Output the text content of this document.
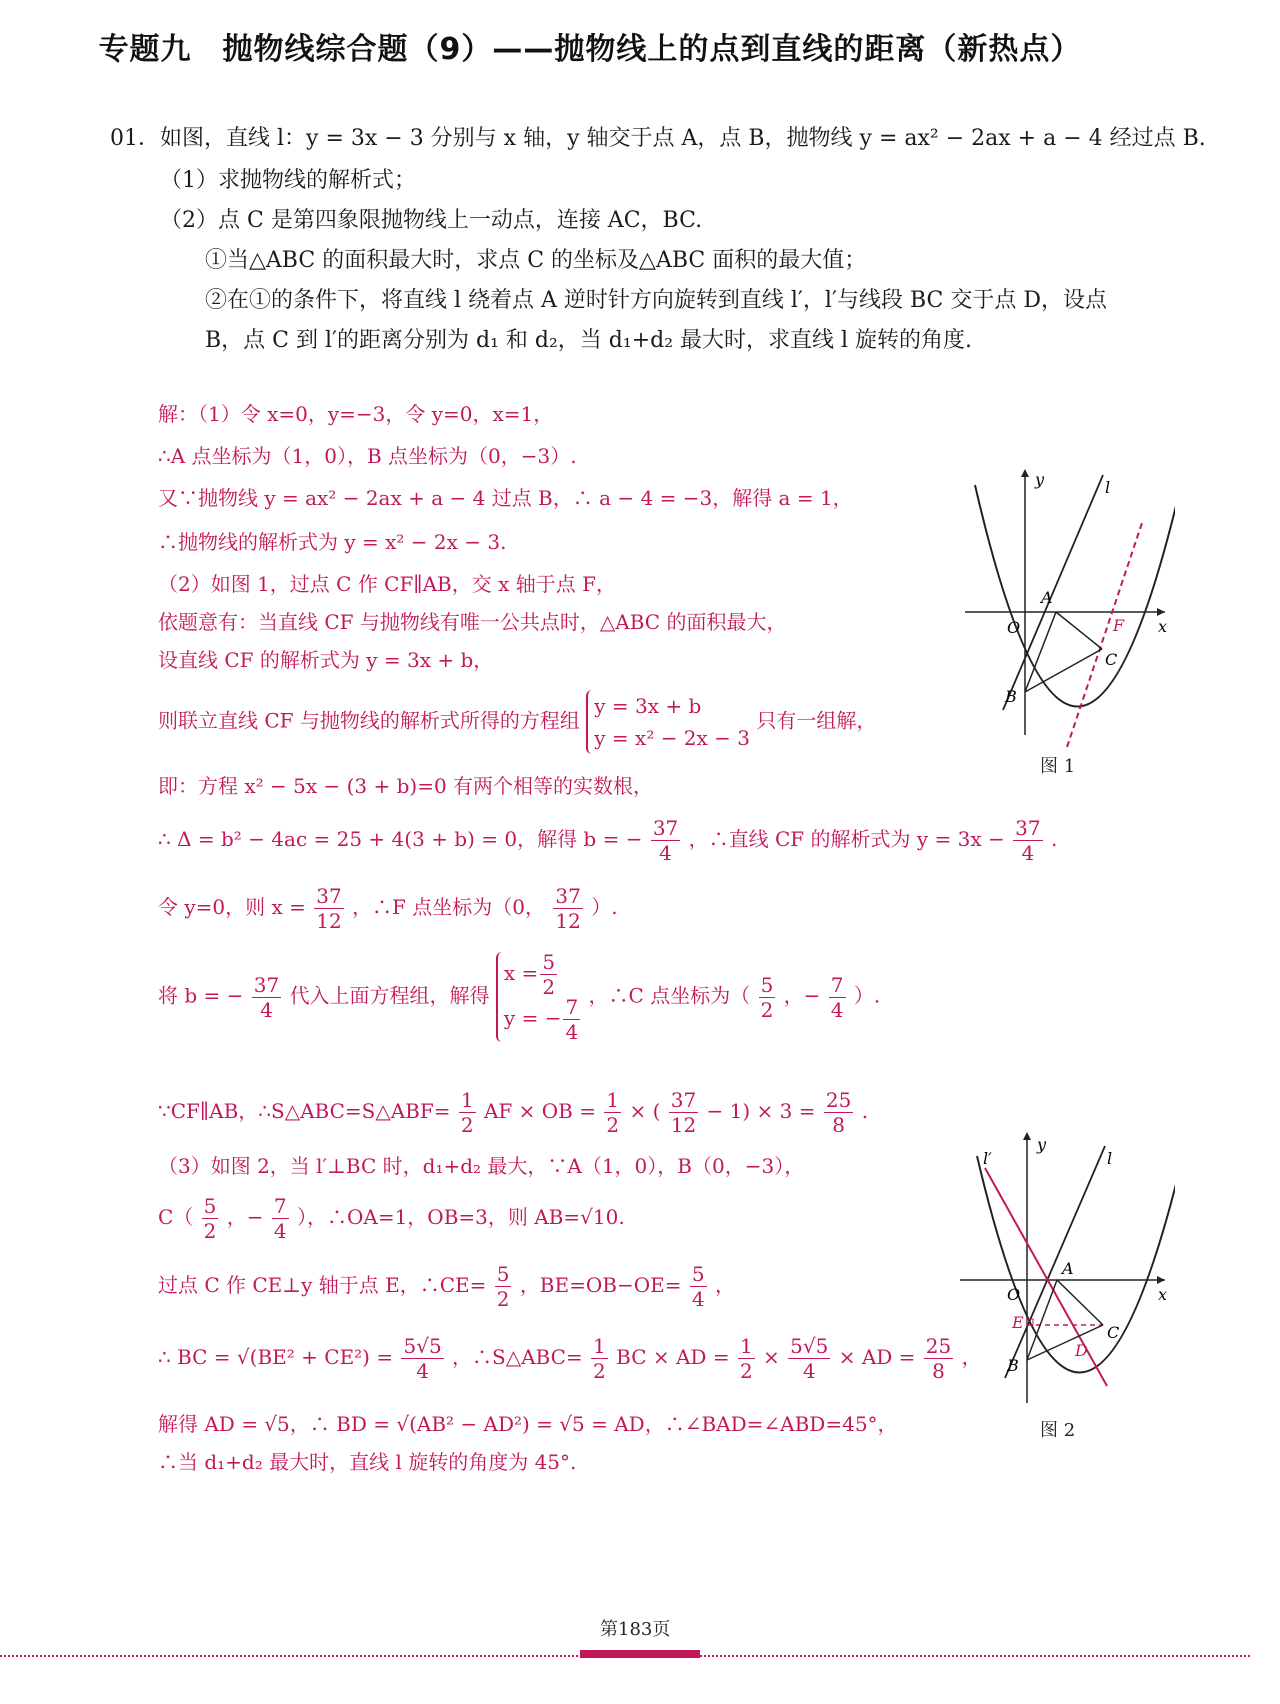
专题九　抛物线综合题（9）——抛物线上的点到直线的距离（新热点）
01．如图，直线 l：y = 3x − 3 分别与 x 轴，y 轴交于点 A，点 B，抛物线 y = ax² − 2ax + a − 4 经过点 B.
（1）求抛物线的解析式；
（2）点 C 是第四象限抛物线上一动点，连接 AC，BC.
①当△ABC 的面积最大时，求点 C 的坐标及△ABC 面积的最大值；
②在①的条件下，将直线 l 绕着点 A 逆时针方向旋转到直线 l′，l′与线段 BC 交于点 D，设点
B，点 C 到 l′的距离分别为 d₁ 和 d₂，当 d₁+d₂ 最大时，求直线 l 旋转的角度.
解：（1）令 x=0，y=−3，令 y=0，x=1，
∴A 点坐标为（1，0），B 点坐标为（0，−3）.
又∵抛物线 y = ax² − 2ax + a − 4 过点 B，∴ a − 4 = −3，解得 a = 1，
∴抛物线的解析式为 y = x² − 2x − 3.
（2）如图 1，过点 C 作 CF∥AB，交 x 轴于点 F，
依题意有：当直线 CF 与抛物线有唯一公共点时，△ABC 的面积最大，
设直线 CF 的解析式为 y = 3x + b，
则联立直线 CF 与抛物线的解析式所得的方程组
y = 3x + b
y = x² − 2x − 3
只有一组解，
即：方程 x² − 5x − (3 + b)=0 有两个相等的实数根，
∴ Δ = b² − 4ac = 25 + 4(3 + b) = 0，解得 b = − $\frac{37}{4}$ ，∴直线 CF 的解析式为 $y = 3x - \frac{37}{4}$ .
令 y=0，则 $x = \frac{37}{12}$ ，∴F 点坐标为（0， $\frac{37}{12}$ ）.
将 b = − $\frac{37}{4}$ 代入上面方程组，解得
$x = \frac{5}{2}$
y = − $\frac{7}{4}$
，∴C 点坐标为（ $\frac{5}{2}$ ，− $\frac{7}{4}$ ）.
∵CF∥AB，∴S△ABC=S△ABF= $\frac{1}{2}$ AF × OB = $\frac{1}{2}$ × ( $\frac{37}{12} - 1) \times 3 = \frac{25}{8}$ .
（3）如图 2，当 l′⊥BC 时，d₁+d₂ 最大，∵A（1，0），B（0，−3），
$C( \frac{5}{2}$ ，− $\frac{7}{4}$ ），∴OA=1，OB=3，则 AB=√10.
过点 C 作 CE⊥y 轴于点 E，∴CE= $\frac{5}{2}$ ，$BE=OB-OE= \frac{5}{4}$ ，
∴ BC = $√(BE^2 + CE^2) = \frac{5√5}{4}$ ，∴S△ABC= $\frac{1}{2}$ BC × AD = $\frac{1}{2} \times \frac{5√5}{4}$ × AD = $\frac{25}{8}$ ，
解得 AD = √5，∴ BD = √(AB² − AD²) = √5 = AD，∴∠BAD=∠ABD=45°，
∴当 d₁+d₂ 最大时，直线 l 旋转的角度为 45°.
x
y
O
A
B
C
F
l
图 1
x
y
O
A
B
C
D
E
l
l′
图 2
第183页
